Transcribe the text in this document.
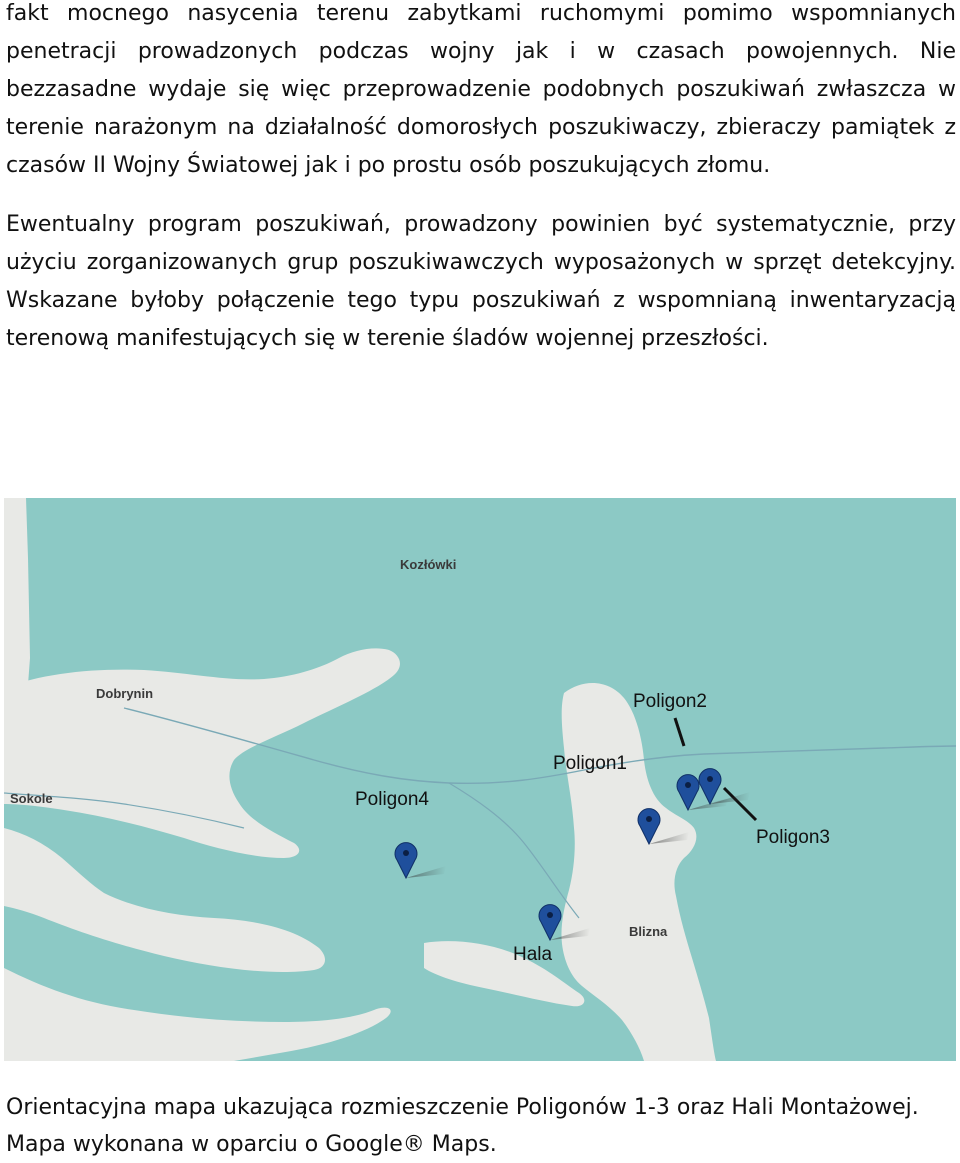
fakt mocnego nasycenia terenu zabytkami ruchomymi pomimo wspomnianych
penetracji prowadzonych podczas wojny jak i w czasach powojennych. Nie
bezzasadne wydaje się więc przeprowadzenie podobnych poszukiwań zwłaszcza w
terenie narażonym na działalność domorosłych poszukiwaczy, zbieraczy pamiątek z
czasów II Wojny Światowej jak i po prostu osób poszukujących złomu.
Ewentualny program poszukiwań, prowadzony powinien być systematycznie, przy
użyciu zorganizowanych grup poszukiwawczych wyposażonych w sprzęt detekcyjny.
Wskazane byłoby połączenie tego typu poszukiwań z wspomnianą inwentaryzacją
terenową manifestujących się w terenie śladów wojennej przeszłości.
Kozłówki
Dobrynin
Sokole
Blizna
Poligon2
Poligon1
Poligon4
Poligon3
Hala
Orientacyjna mapa ukazująca rozmieszczenie Poligonów 1-3 oraz Hali Montażowej.
Mapa wykonana w oparciu o Google® Maps.
